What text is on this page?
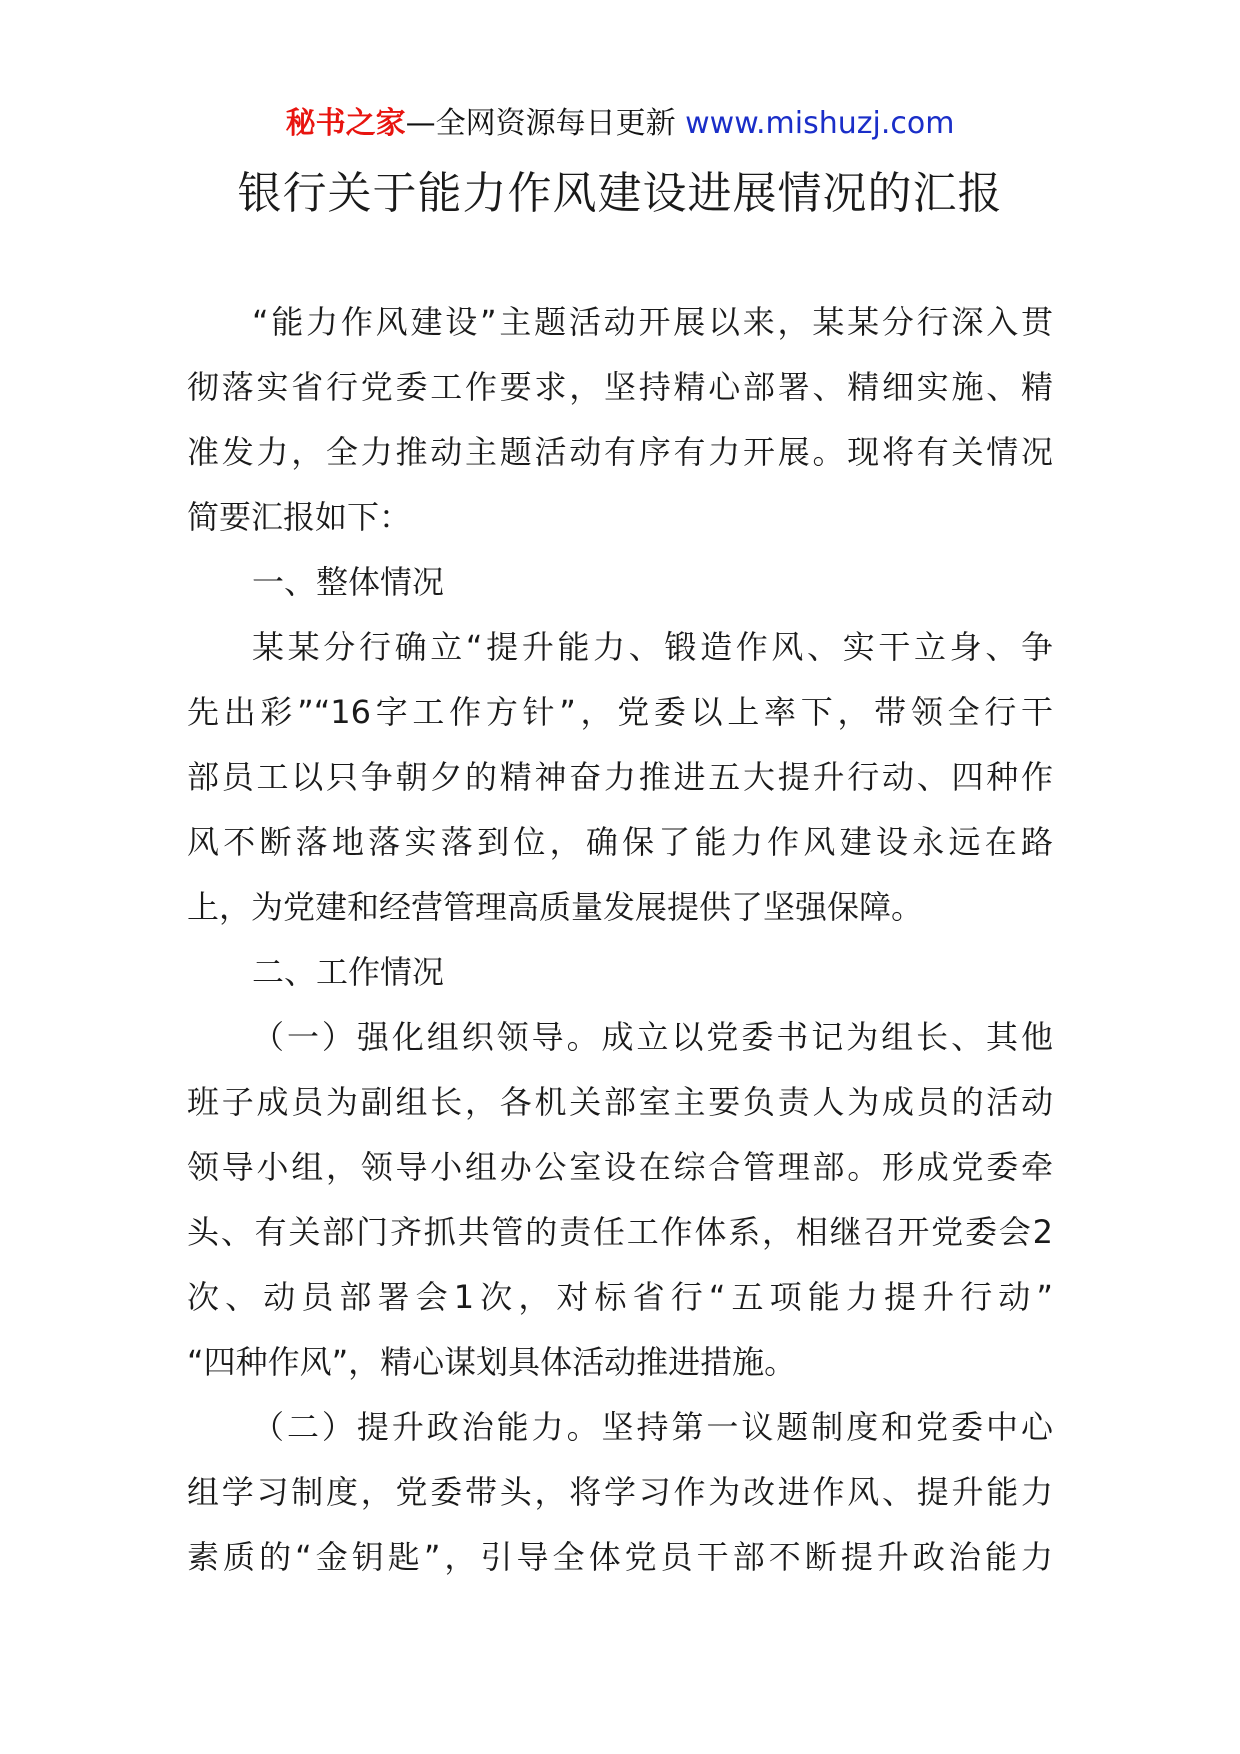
秘书之家—全网资源每日更新 www.mishuzj.com
银行关于能力作风建设进展情况的汇报
“能力作风建设”主题活动开展以来，某某分行深入贯
彻落实省行党委工作要求，坚持精心部署、精细实施、精
准发力，全力推动主题活动有序有力开展。现将有关情况
简要汇报如下：
一、整体情况
某某分行确立“提升能力、锻造作风、实干立身、争
先出彩”“16字工作方针”，党委以上率下，带领全行干
部员工以只争朝夕的精神奋力推进五大提升行动、四种作
风不断落地落实落到位，确保了能力作风建设永远在路
上，为党建和经营管理高质量发展提供了坚强保障。
二、工作情况
（一）强化组织领导。成立以党委书记为组长、其他
班子成员为副组长，各机关部室主要负责人为成员的活动
领导小组，领导小组办公室设在综合管理部。形成党委牵
头、有关部门齐抓共管的责任工作体系，相继召开党委会2
次、动员部署会1次，对标省行“五项能力提升行动”
“四种作风”，精心谋划具体活动推进措施。
（二）提升政治能力。坚持第一议题制度和党委中心
组学习制度，党委带头，将学习作为改进作风、提升能力
素质的“金钥匙”，引导全体党员干部不断提升政治能力
